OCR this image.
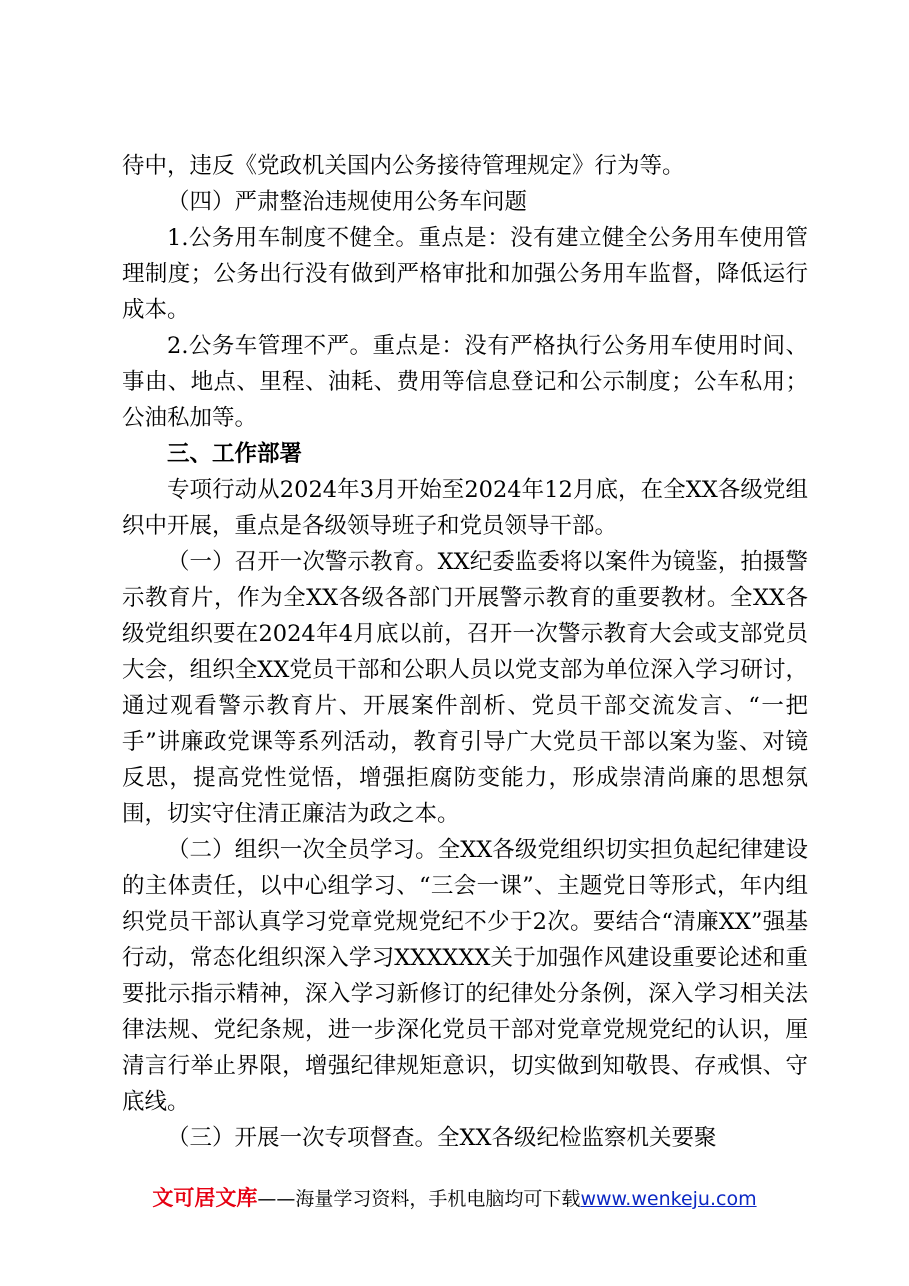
待中，违反《党政机关国内公务接待管理规定》行为等。

（四）严肃整治违规使用公务车问题

1.公务用车制度不健全。重点是：没有建立健全公务用车使用管理制度；公务出行没有做到严格审批和加强公务用车监督，降低运行成本。

2.公务车管理不严。重点是：没有严格执行公务用车使用时间、事由、地点、里程、油耗、费用等信息登记和公示制度；公车私用；公油私加等。

三、工作部署

专项行动从2024年3月开始至2024年12月底，在全XX各级党组织中开展，重点是各级领导班子和党员领导干部。

（一）召开一次警示教育。XX纪委监委将以案件为镜鉴，拍摄警示教育片，作为全XX各级各部门开展警示教育的重要教材。全XX各级党组织要在2024年4月底以前，召开一次警示教育大会或支部党员大会，组织全XX党员干部和公职人员以党支部为单位深入学习研讨，通过观看警示教育片、开展案件剖析、党员干部交流发言、“一把手”讲廉政党课等系列活动，教育引导广大党员干部以案为鉴、对镜反思，提高党性觉悟，增强拒腐防变能力，形成崇清尚廉的思想氛围，切实守住清正廉洁为政之本。

（二）组织一次全员学习。全XX各级党组织切实担负起纪律建设的主体责任，以中心组学习、“三会一课”、主题党日等形式，年内组织党员干部认真学习党章党规党纪不少于2次。要结合“清廉XX”强基行动，常态化组织深入学习XXXXXX关于加强作风建设重要论述和重要批示指示精神，深入学习新修订的纪律处分条例，深入学习相关法律法规、党纪条规，进一步深化党员干部对党章党规党纪的认识，厘清言行举止界限，增强纪律规矩意识，切实做到知敬畏、存戒惧、守底线。

（三）开展一次专项督查。全XX各级纪检监察机关要聚

文可居文库——海量学习资料，手机电脑均可下载www.wenkeju.com
